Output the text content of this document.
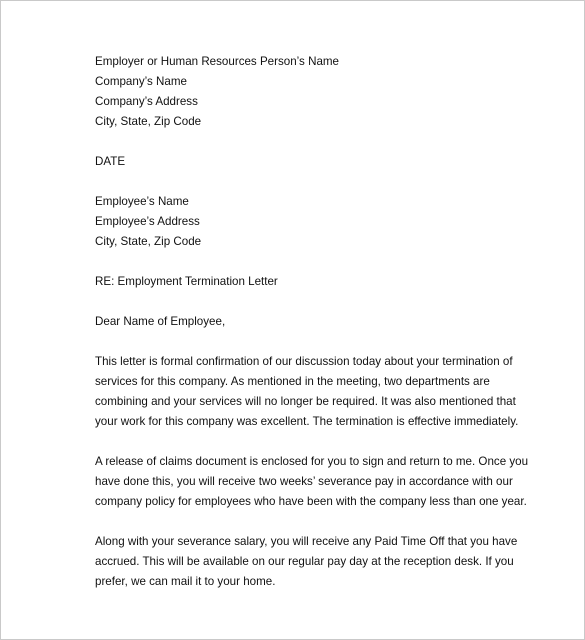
Employer or Human Resources Person’s Name
Company’s Name
Company’s Address
City, State, Zip Code
DATE
Employee’s Name
Employee’s Address
City, State, Zip Code
RE: Employment Termination Letter
Dear Name of Employee,
This letter is formal confirmation of our discussion today about your termination of
services for this company. As mentioned in the meeting, two departments are
combining and your services will no longer be required. It was also mentioned that
your work for this company was excellent. The termination is effective immediately.
A release of claims document is enclosed for you to sign and return to me. Once you
have done this, you will receive two weeks’ severance pay in accordance with our
company policy for employees who have been with the company less than one year.
Along with your severance salary, you will receive any Paid Time Off that you have
accrued. This will be available on our regular pay day at the reception desk. If you
prefer, we can mail it to your home.
